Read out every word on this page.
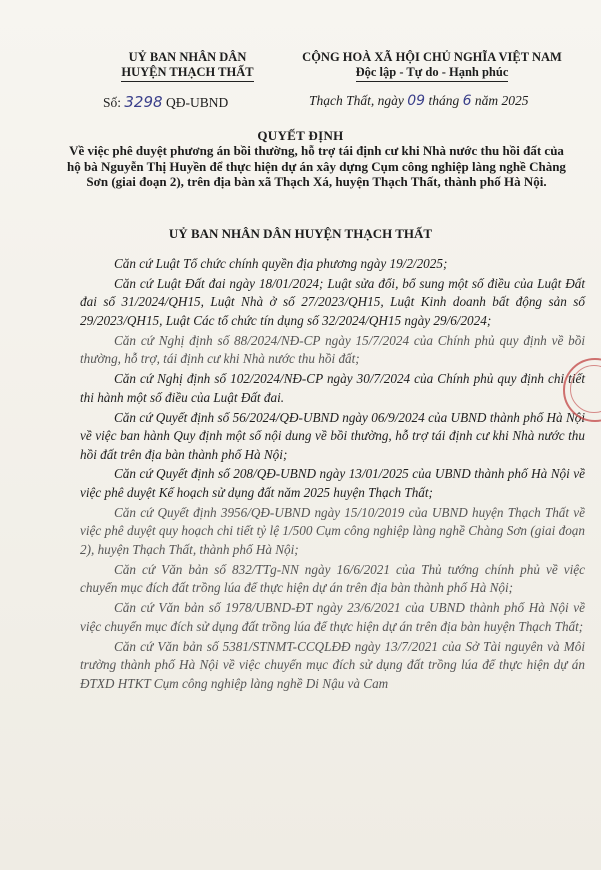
UỶ BAN NHÂN DÂN
HUYỆN THẠCH THẤT
CỘNG HOÀ XÃ HỘI CHỦ NGHĨA VIỆT NAM
Độc lập - Tự do - Hạnh phúc
Số: 3298 QĐ-UBND	Thạch Thất, ngày 09 tháng 6 năm 2025
QUYẾT ĐỊNH
Về việc phê duyệt phương án bồi thường, hỗ trợ tái định cư khi Nhà nước thu hồi đất của hộ bà Nguyễn Thị Huyền để thực hiện dự án xây dựng Cụm công nghiệp làng nghề Chàng Sơn (giai đoạn 2), trên địa bàn xã Thạch Xá, huyện Thạch Thất, thành phố Hà Nội.
UỶ BAN NHÂN DÂN HUYỆN THẠCH THẤT

Căn cứ Luật Tổ chức chính quyền địa phương ngày 19/2/2025;

Căn cứ Luật Đất đai ngày 18/01/2024; Luật sửa đổi, bổ sung một số điều của Luật Đất đai số 31/2024/QH15, Luật Nhà ở số 27/2023/QH15, Luật Kinh doanh bất động sản số 29/2023/QH15, Luật Các tổ chức tín dụng số 32/2024/QH15 ngày 29/6/2024;

Căn cứ Nghị định số 88/2024/NĐ-CP ngày 15/7/2024 của Chính phủ quy định về bồi thường, hỗ trợ, tái định cư khi Nhà nước thu hồi đất;

Căn cứ Nghị định số 102/2024/NĐ-CP ngày 30/7/2024 của Chính phủ quy định chi tiết thi hành một số điều của Luật Đất đai.

Căn cứ Quyết định số 56/2024/QĐ-UBND ngày 06/9/2024 của UBND thành phố Hà Nội về việc ban hành Quy định một số nội dung về bồi thường, hỗ trợ tái định cư khi Nhà nước thu hồi đất trên địa bàn thành phố Hà Nội;

Căn cứ Quyết định số 208/QĐ-UBND ngày 13/01/2025 của UBND thành phố Hà Nội về việc phê duyệt Kế hoạch sử dụng đất năm 2025 huyện Thạch Thất;

Căn cứ Quyết định 3956/QĐ-UBND ngày 15/10/2019 của UBND huyện Thạch Thất về việc phê duyệt quy hoạch chi tiết tỷ lệ 1/500 Cụm công nghiệp làng nghề Chàng Sơn (giai đoạn 2), huyện Thạch Thất, thành phố Hà Nội;

Căn cứ Văn bản số 832/TTg-NN ngày 16/6/2021 của Thủ tướng chính phủ về việc chuyển mục đích đất trồng lúa để thực hiện dự án trên địa bàn thành phố Hà Nội;

Căn cứ Văn bản số 1978/UBND-ĐT ngày 23/6/2021 của UBND thành phố Hà Nội về việc chuyển mục đích sử dụng đất trồng lúa để thực hiện dự án trên địa bàn huyện Thạch Thất;

Căn cứ Văn bản số 5381/STNMT-CCQLĐĐ ngày 13/7/2021 của Sở Tài nguyên và Môi trường thành phố Hà Nội về việc chuyển mục đích sử dụng đất trồng lúa để thực hiện dự án ĐTXD HTKT Cụm công nghiệp làng nghề Di Nậu và Cam
